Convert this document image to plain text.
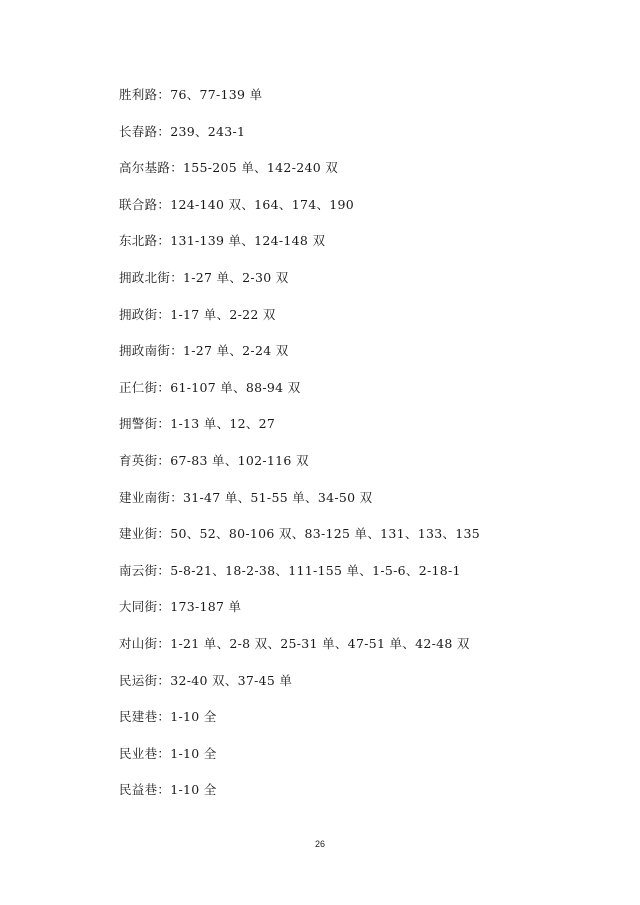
胜利路：76、77-139 单
长春路：239、243-1
高尔基路：155-205 单、142-240 双
联合路：124-140 双、164、174、190
东北路：131-139 单、124-148 双
拥政北街：1-27 单、2-30 双
拥政街：1-17 单、2-22 双
拥政南街：1-27 单、2-24 双
正仁街：61-107 单、88-94 双
拥警街：1-13 单、12、27
育英街：67-83 单、102-116 双
建业南街：31-47 单、51-55 单、34-50 双
建业街：50、52、80-106 双、83-125 单、131、133、135
南云街：5-8-21、18-2-38、111-155 单、1-5-6、2-18-1
大同街：173-187 单
对山街：1-21 单、2-8 双、25-31 单、47-51 单、42-48 双
民运街：32-40 双、37-45 单
民建巷：1-10 全
民业巷：1-10 全
民益巷：1-10 全
26
